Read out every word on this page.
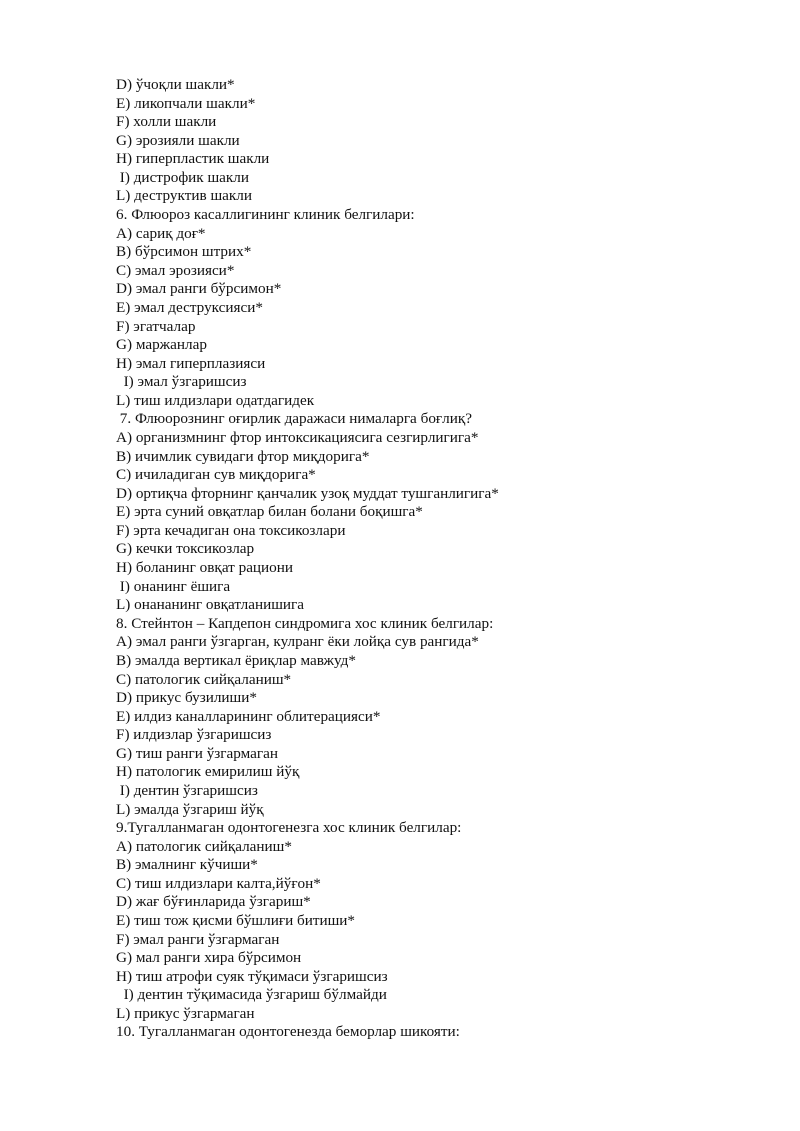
D) ўчоқли шакли*
E) ликопчали шакли*
F) холли шакли
G) эрозияли шакли
H) гиперпластик шакли
I) дистрофик шакли
L) деструктив шакли
6. Флюороз касаллигининг клиник белгилари:
A) сариқ доғ*
B) бўрсимон штрих*
C) эмал эрозияси*
D) эмал ранги бўрсимон*
E) эмал деструксияси*
F) эгатчалар
G) маржанлар
H) эмал гиперплазияси
I) эмал ўзгаришсиз
L) тиш илдизлари одатдагидек
7. Флюорознинг оғирлик даражаси нималарга боғлиқ?
A) организмнинг фтор интоксикациясига сезгирлигига*
B) ичимлик сувидаги фтор миқдорига*
C) ичиладиган сув миқдорига*
D) ортиқча фторнинг қанчалик узоқ муддат тушганлигига*
E) эрта суний овқатлар билан болани боқишга*
F) эрта кечадиган она токсикозлари
G) кечки токсикозлар
H) боланинг овқат рациони
I) онанинг ёшига
L) онананинг овқатланишига
8. Стейнтон – Капдепон синдромига хос клиник белгилар:
A) эмал ранги ўзгарган, кулранг ёки лойқа сув рангида*
B) эмалда вертикал ёриқлар мавжуд*
C) патологик сийқаланиш*
D) прикус бузилиши*
E) илдиз каналларининг облитерацияси*
F) илдизлар ўзгаришсиз
G) тиш ранги ўзгармаган
H) патологик емирилиш йўқ
I) дентин ўзгаришсиз
L) эмалда ўзгариш йўқ
9.Тугалланмаган одонтогенезга хос клиник белгилар:
A) патологик сийқаланиш*
B) эмалнинг кўчиши*
C) тиш илдизлари калта,йўғон*
D) жағ бўғинларида ўзгариш*
E) тиш тож қисми бўшлиғи битиши*
F) эмал ранги ўзгармаган
G) мал ранги хира бўрсимон
H) тиш атрофи суяк тўқимаси ўзгаришсиз
I) дентин тўқимасида ўзгариш бўлмайди
L) прикус ўзгармаган
10. Тугалланмаган одонтогенезда беморлар шикояти:
